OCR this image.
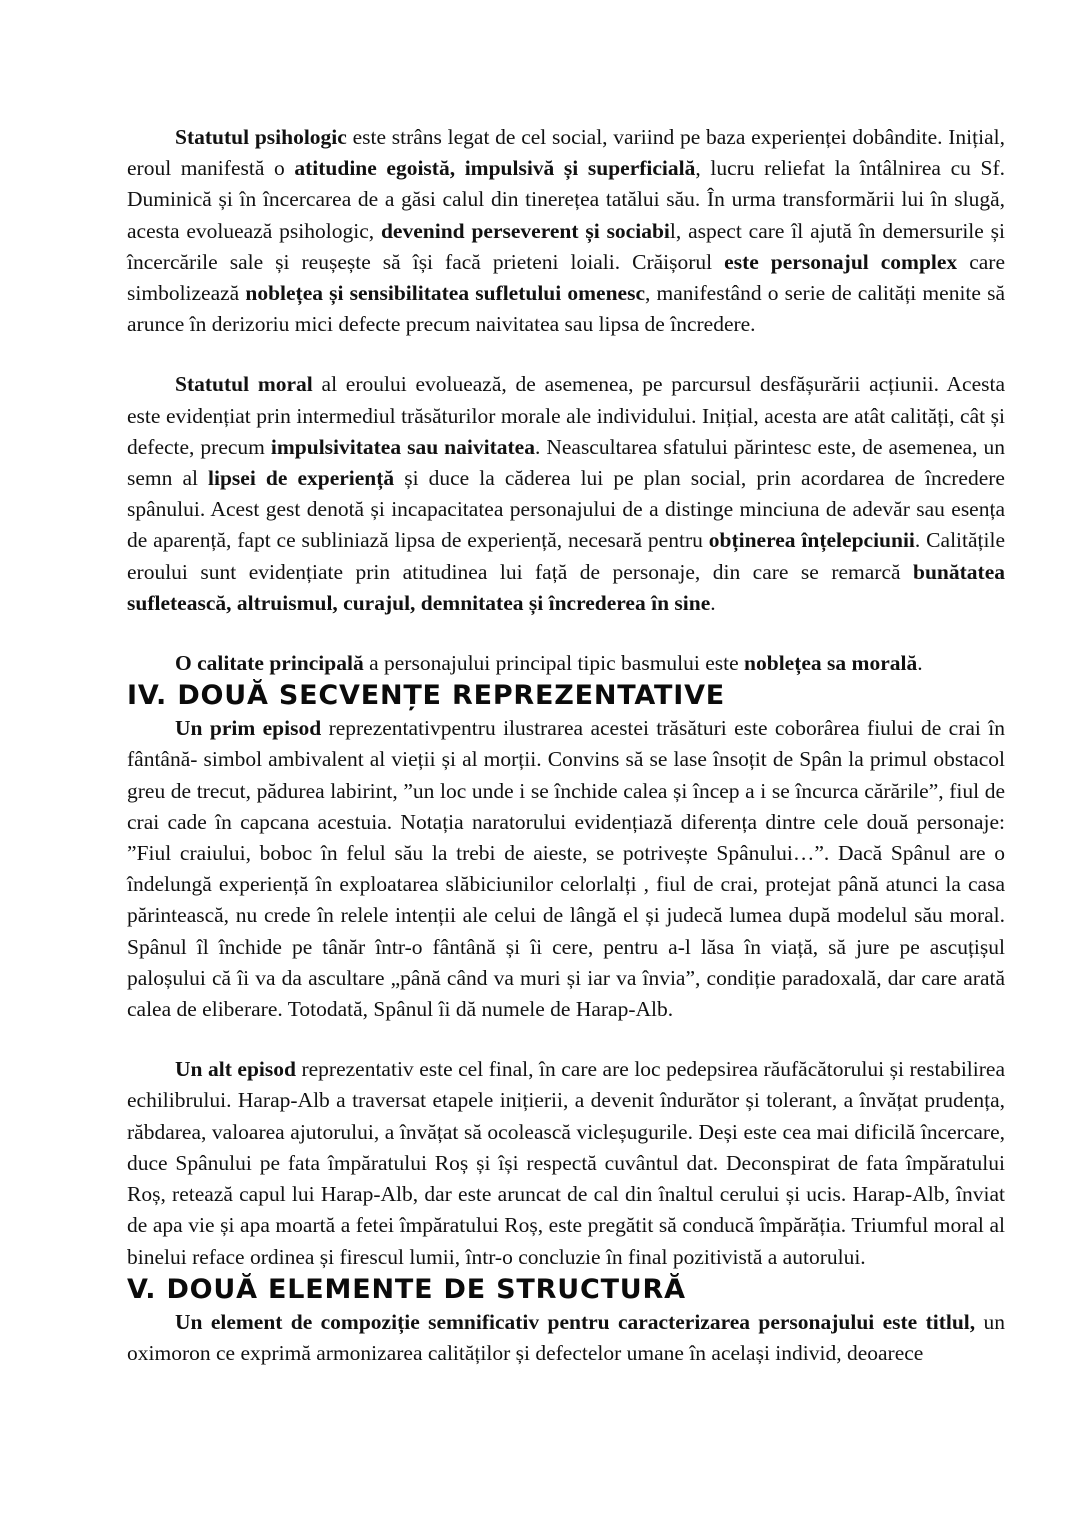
Statutul psihologic este strâns legat de cel social, variind pe baza experienței dobândite. Inițial, eroul manifestă o atitudine egoistă, impulsivă și superficială, lucru reliefat la întâlnirea cu Sf. Duminică și în încercarea de a găsi calul din tinerețea tatălui său. În urma transformării lui în slugă, acesta evoluează psihologic, devenind perseverent și sociabil, aspect care îl ajută în demersurile și încercările sale și reușește să își facă prieteni loiali. Crăișorul este personajul complex care simbolizează noblețea și sensibilitatea sufletului omenesc, manifestând o serie de calități menite să arunce în derizoriu mici defecte precum naivitatea sau lipsa de încredere.

Statutul moral al eroului evoluează, de asemenea, pe parcursul desfășurării acțiunii. Acesta este evidențiat prin intermediul trăsăturilor morale ale individului. Inițial, acesta are atât calități, cât și defecte, precum impulsivitatea sau naivitatea. Neascultarea sfatului părintesc este, de asemenea, un semn al lipsei de experiență și duce la căderea lui pe plan social, prin acordarea de încredere spânului. Acest gest denotă și incapacitatea personajului de a distinge minciuna de adevăr sau esența de aparență, fapt ce subliniază lipsa de experiență, necesară pentru obținerea înțelepciunii. Calitățile eroului sunt evidențiate prin atitudinea lui față de personaje, din care se remarcă bunătatea sufletească, altruismul, curajul, demnitatea și încrederea în sine.

O calitate principală a personajului principal tipic basmului este noblețea sa morală.

IV. DOUĂ SECVENȚE REPREZENTATIVE

Un prim episod reprezentativpentru ilustrarea acestei trăsături este coborârea fiului de crai în fântână- simbol ambivalent al vieții și al morții. Convins să se lase însoțit de Spân la primul obstacol greu de trecut, pădurea labirint, ”un loc unde i se închide calea și încep a i se încurca cărările”, fiul de crai cade în capcana acestuia. Notația naratorului evidențiază diferența dintre cele două personaje: ”Fiul craiului, boboc în felul său la trebi de aieste, se potrivește Spânului…”. Dacă Spânul are o îndelungă experiență în exploatarea slăbiciunilor celorlalți , fiul de crai, protejat până atunci la casa părintească, nu crede în relele intenții ale celui de lângă el și judecă lumea după modelul său moral. Spânul îl închide pe tânăr într-o fântână și îi cere, pentru a-l lăsa în viață, să jure pe ascuțișul paloșului că îi va da ascultare „până când va muri și iar va învia”, condiție paradoxală, dar care arată calea de eliberare. Totodată, Spânul îi dă numele de Harap-Alb.

Un alt episod reprezentativ este cel final, în care are loc pedepsirea răufăcătorului și restabilirea echilibrului. Harap-Alb a traversat etapele inițierii, a devenit îndurător și tolerant, a învățat prudența, răbdarea, valoarea ajutorului, a învățat să ocolească vicleșugurile. Deși este cea mai dificilă încercare, duce Spânului pe fata împăratului Roș și își respectă cuvântul dat. Deconspirat de fata împăratului Roș, retează capul lui Harap-Alb, dar este aruncat de cal din înaltul cerului și ucis. Harap-Alb, înviat de apa vie și apa moartă a fetei împăratului Roș, este pregătit să conducă împărăția. Triumful moral al binelui reface ordinea și firescul lumii, într-o concluzie în final pozitivistă a autorului.

V. DOUĂ ELEMENTE DE STRUCTURĂ

Un element de compoziție semnificativ pentru caracterizarea personajului este titlul, un oximoron ce exprimă armonizarea calităților și defectelor umane în același individ, deoarece
